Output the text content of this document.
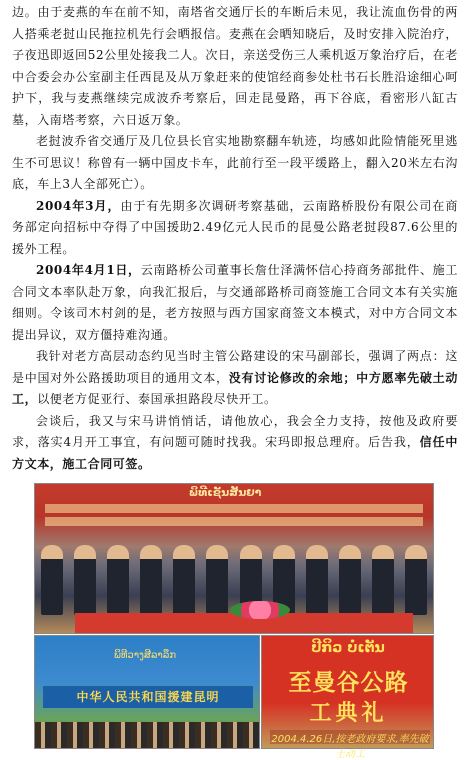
边。由于麦燕的车在前不知，南塔省交通厅长的车断后未见，我让流血伤骨的两人搭乘老挝山民拖拉机先行会晒报信。麦燕在会晒知晓后，及时安排入院治疗，子夜迅即返回52公里处接我二人。次日，亲送受伤三人乘机返万象治疗后，在老中合委会办公室副主任西昆及从万象赶来的使馆经商参处杜书石长胜沿途细心呵护下，我与麦燕继续完成波乔考察后，回走昆曼路，再下谷底，看密形八缸古墓，入南塔考察，六日返万象。

老挝波乔省交通厅及几位县长官实地勘察翻车轨迹，均感如此险情能死里逃生不可思议！称曾有一辆中国皮卡车，此前行至一段平缓路上，翻入20米左右沟底，车上3人全部死亡）。

2004年3月，由于有先期多次调研考察基础，云南路桥股份有限公司在商务部定向招标中夺得了中国援助2.49亿元人民币的昆曼公路老挝段87.6公里的援外工程。

2004年4月1日，云南路桥公司董事长詹仕泽满怀信心持商务部批件、施工合同文本率队赴万象，向我汇报后，与交通部路桥司商签施工合同文本有关实施细则。令该司木村剑的是，老方按照与西方国家商签文本模式，对中方合同文本提出异议，双方僵持难沟通。

我针对老方高层动态约见当时主管公路建设的宋马副部长，强调了两点：这是中国对外公路援助项目的通用文本，没有讨论修改的余地；中方愿率先破土动工，以便老方促亚行、泰国承担路段尽快开工。

会谈后，我又与宋马讲悄悄话，请他放心，我会全力支持，按他及政府要求，落实4月开工事宜，有问题可随时找我。宋玛即报总理府。后告我，信任中方文本，施工合同可签。

ພິທີເຊັນສັນຍາ
ພິທີວາງສີລາລຶກ
中华人民共和国援建昆明
ປີກິວ ບໍ່ເຕັນ
至曼谷公路
工典礼
2004.4.26日,按老政府要求,率先破土动工
